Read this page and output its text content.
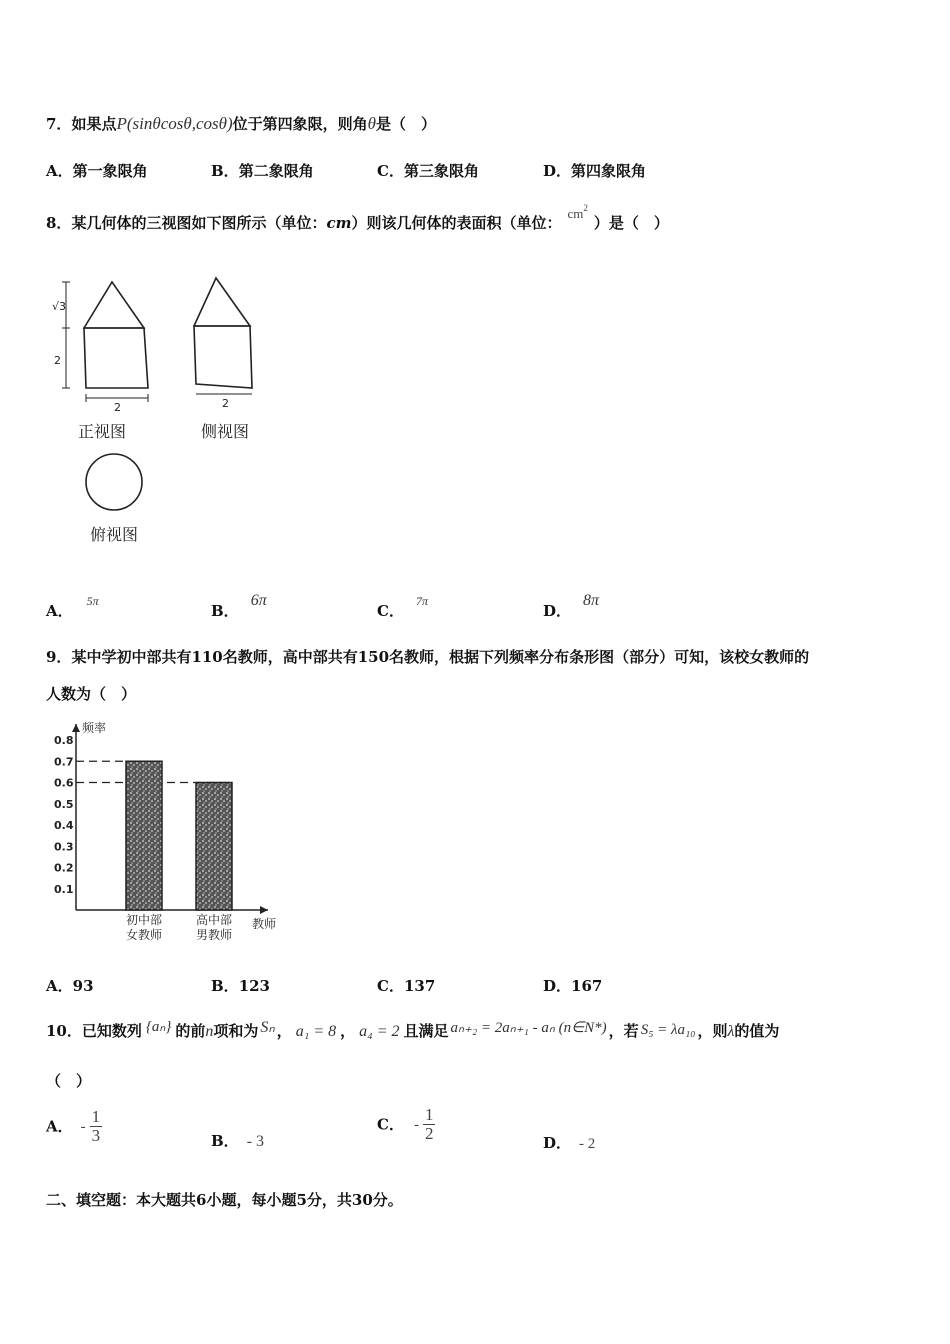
7．如果点P(sinθcosθ,cosθ)位于第四象限，则角θ是（　）
A．第一象限角	B．第二象限角	C．第三象限角	D．第四象限角
8．某几何体的三视图如下图所示（单位：cm）则该几何体的表面积（单位：$cm^2$）是（　）
√3
2
2
正视图
2
侧视图
俯视图
A．$^{5\pi}$
B．6π
C．$^{7\pi}$
D．8π
9．某中学初中部共有110名教师，高中部共有150名教师，根据下列频率分布条形图（部分）可知，该校女教师的
人数为（　）
频率
教师
0.1
0.2
0.3
0.4
0.5
0.6
0.7
0.8
初中部
女教师
高中部
男教师
A．93	B．123	C．137	D．167
10．已知数列 {aₙ} 的前n项和为 Sₙ ， a₁ = 8 ， a₄ = 2 且满足 aₙ₊₂ = 2aₙ₊₁ - aₙ (n∈N*) ，若 S₅ = λa₁₀ ，则λ的值为
（　）
A． - $\frac{1}{3}$	B． - 3
C． - $\frac{1}{2}$	D． - 2
二、填空题：本大题共6小题，每小题5分，共30分。
